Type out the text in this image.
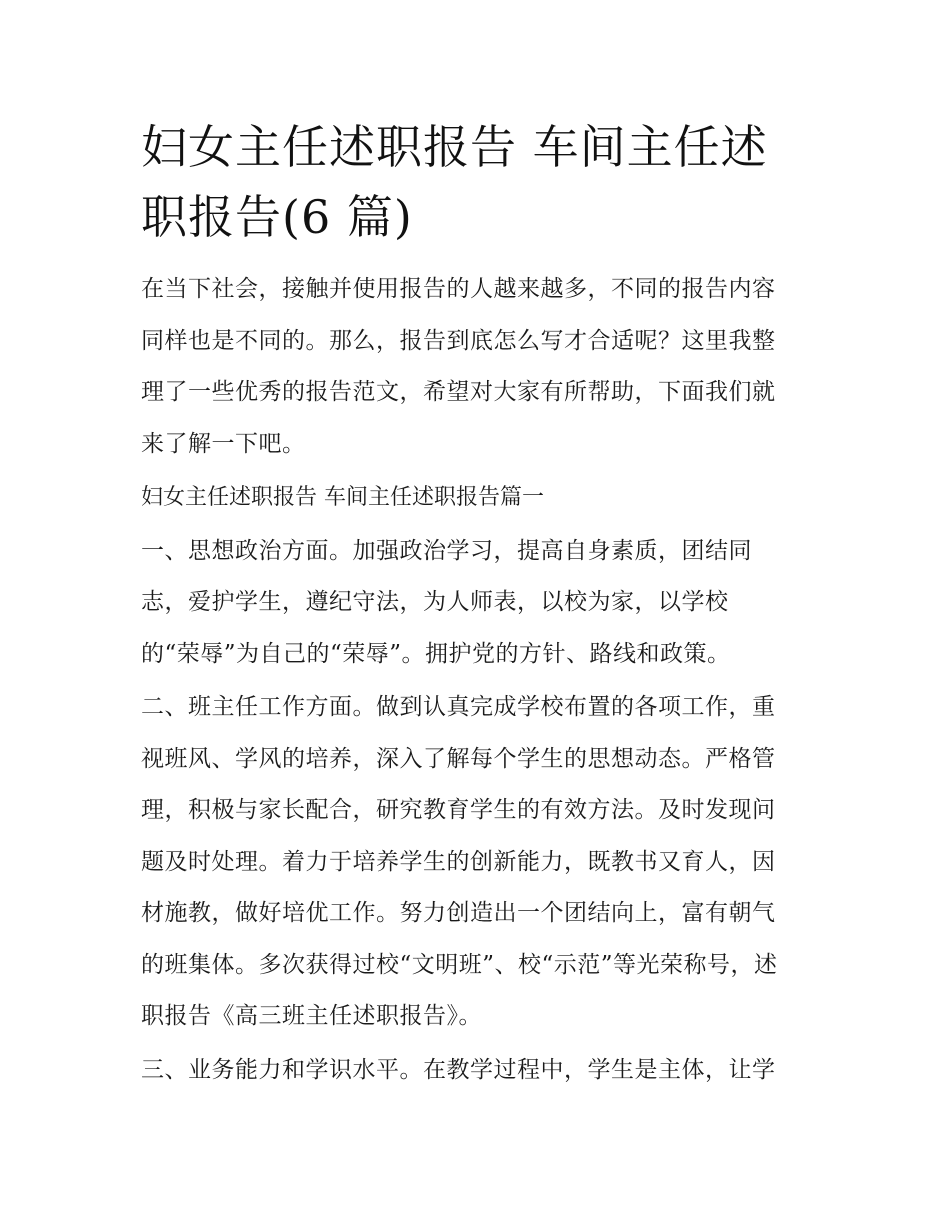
妇女主任述职报告 车间主任述
职报告(6 篇)
在当下社会，接触并使用报告的人越来越多，不同的报告内容
同样也是不同的。那么，报告到底怎么写才合适呢？这里我整
理了一些优秀的报告范文，希望对大家有所帮助，下面我们就
来了解一下吧。
妇女主任述职报告 车间主任述职报告篇一
一、思想政治方面。加强政治学习，提高自身素质，团结同
志，爱护学生，遵纪守法，为人师表，以校为家，以学校
的“荣辱”为自己的“荣辱”。拥护党的方针、路线和政策。
二、班主任工作方面。做到认真完成学校布置的各项工作，重
视班风、学风的培养，深入了解每个学生的思想动态。严格管
理，积极与家长配合，研究教育学生的有效方法。及时发现问
题及时处理。着力于培养学生的创新能力，既教书又育人，因
材施教，做好培优工作。努力创造出一个团结向上，富有朝气
的班集体。多次获得过校“文明班”、校“示范”等光荣称号，述
职报告《高三班主任述职报告》。
三、业务能力和学识水平。在教学过程中，学生是主体，让学
